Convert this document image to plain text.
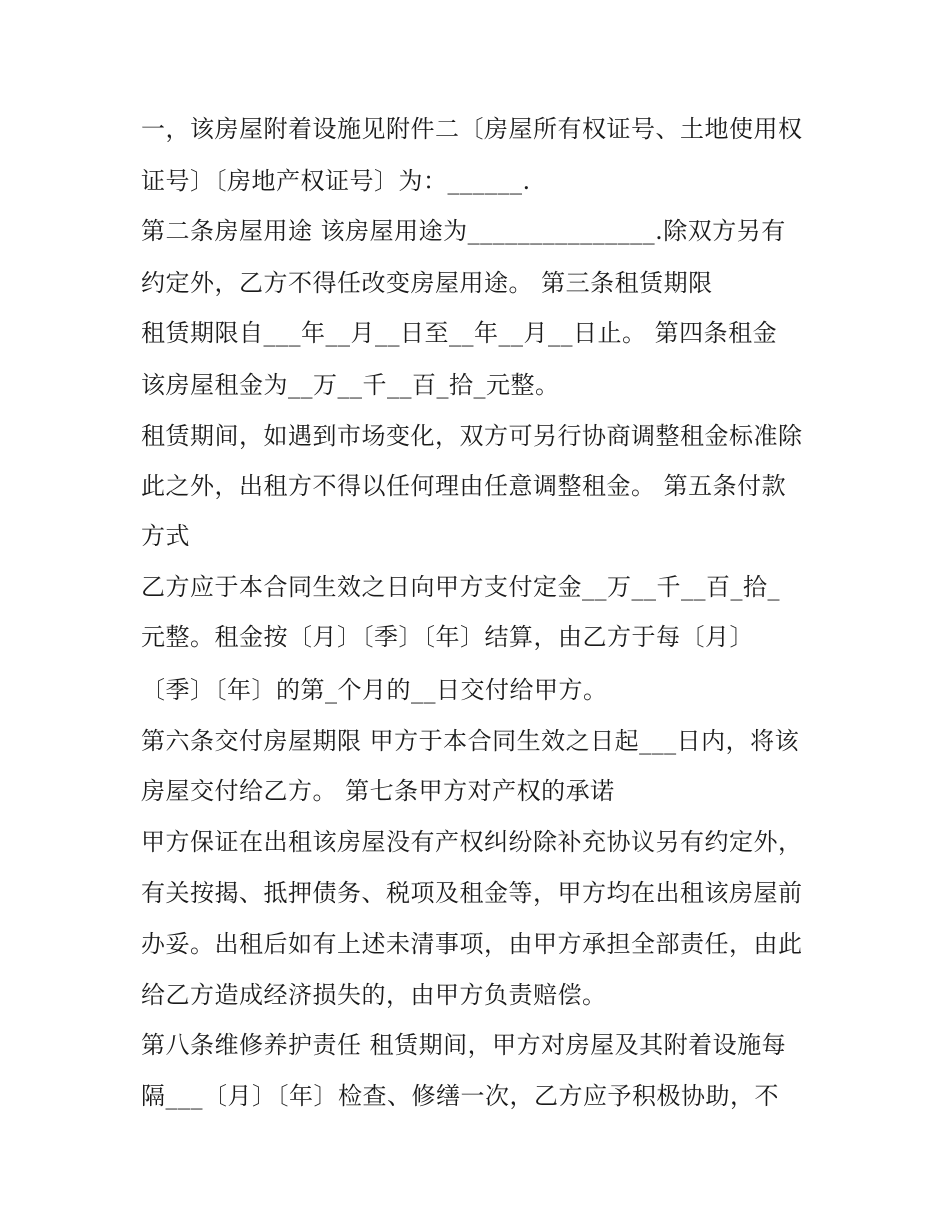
一，该房屋附着设施见附件二〔房屋所有权证号、土地使用权
证号〕〔房地产权证号〕为：______.
第二条房屋用途 该房屋用途为_______________.除双方另有
约定外，乙方不得任改变房屋用途。 第三条租赁期限
租赁期限自___年__月__日至__年__月__日止。 第四条租金
该房屋租金为__万__千__百_拾_元整。
租赁期间，如遇到市场变化，双方可另行协商调整租金标准除
此之外，出租方不得以任何理由任意调整租金。 第五条付款
方式
乙方应于本合同生效之日向甲方支付定金__万__千__百_拾_
元整。租金按〔月〕〔季〕〔年〕结算，由乙方于每〔月〕
〔季〕〔年〕的第_个月的__日交付给甲方。
第六条交付房屋期限 甲方于本合同生效之日起___日内，将该
房屋交付给乙方。 第七条甲方对产权的承诺
甲方保证在出租该房屋没有产权纠纷除补充协议另有约定外，
有关按揭、抵押债务、税项及租金等，甲方均在出租该房屋前
办妥。出租后如有上述未清事项，由甲方承担全部责任，由此
给乙方造成经济损失的，由甲方负责赔偿。
第八条维修养护责任 租赁期间，甲方对房屋及其附着设施每
隔___〔月〕〔年〕检查、修缮一次，乙方应予积极协助，不
